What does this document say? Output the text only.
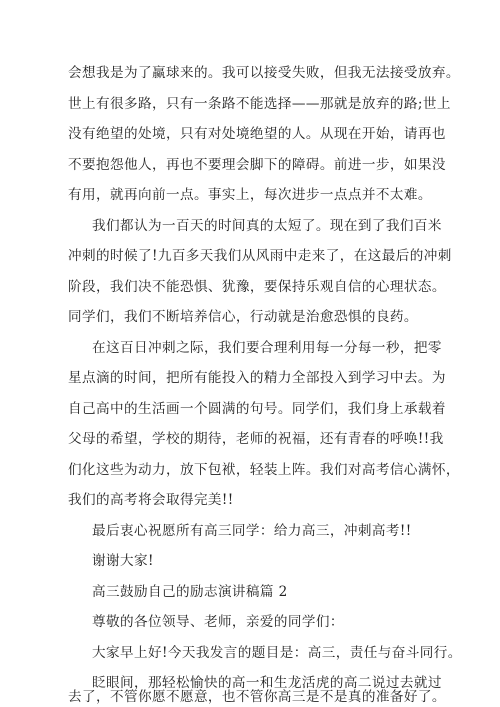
会想我是为了赢球来的。我可以接受失败，但我无法接受放弃。
世上有很多路，只有一条路不能选择——那就是放弃的路;世上
没有绝望的处境，只有对处境绝望的人。从现在开始，请再也
不要抱怨他人，再也不要理会脚下的障碍。前进一步，如果没
有用，就再向前一点。事实上，每次进步一点点并不太难。
我们都认为一百天的时间真的太短了。现在到了我们百米
冲刺的时候了!九百多天我们从风雨中走来了，在这最后的冲刺
阶段，我们决不能恐惧、犹豫，要保持乐观自信的心理状态。
同学们，我们不断培养信心，行动就是治愈恐惧的良药。
在这百日冲刺之际，我们要合理利用每一分每一秒，把零
星点滴的时间，把所有能投入的精力全部投入到学习中去。为
自己高中的生活画一个圆满的句号。同学们，我们身上承载着
父母的希望，学校的期待，老师的祝福，还有青春的呼唤!!我
们化这些为动力，放下包袱，轻装上阵。我们对高考信心满怀，
我们的高考将会取得完美!!
最后衷心祝愿所有高三同学：给力高三，冲刺高考!!
谢谢大家!
高三鼓励自己的励志演讲稿篇 2
尊敬的各位领导、老师，亲爱的同学们：
大家早上好!今天我发言的题目是：高三，责任与奋斗同行。
眨眼间，那轻松愉快的高一和生龙活虎的高二说过去就过
去了，不管你愿不愿意，也不管你高三是不是真的准备好了。
